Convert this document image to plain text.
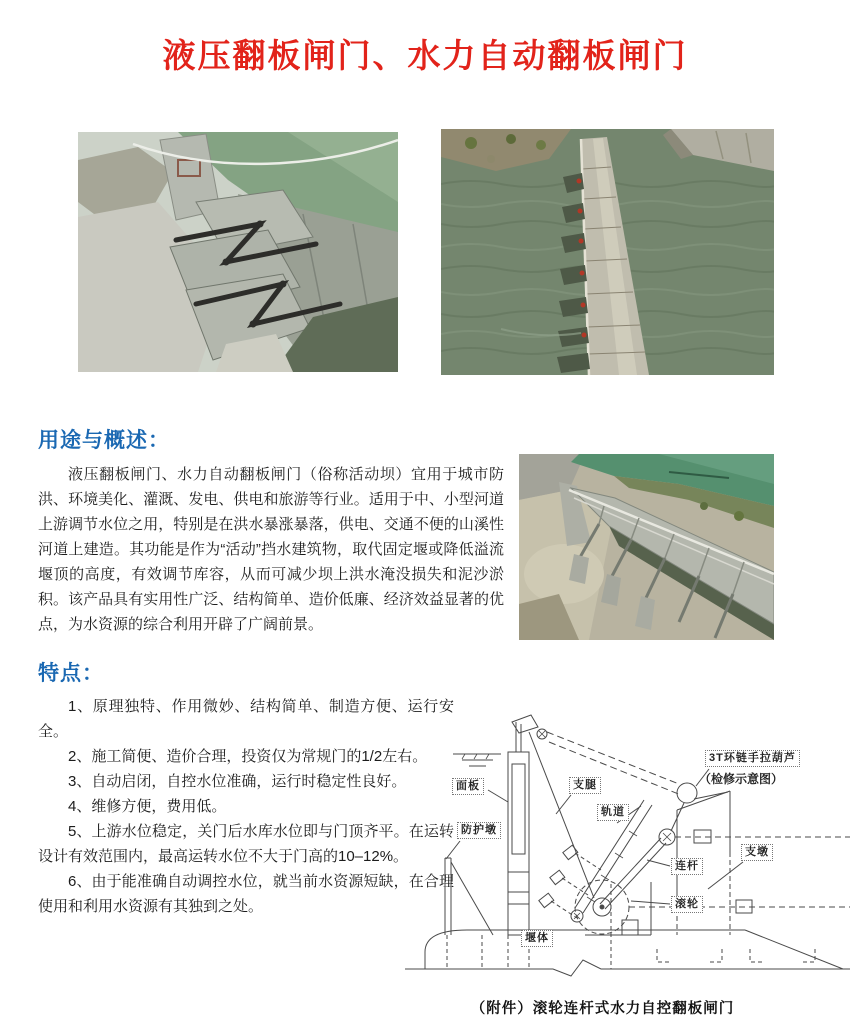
液压翻板闸门、水力自动翻板闸门
用途与概述：

液压翻板闸门、水力自动翻板闸门（俗称活动坝）宜用于城市防洪、环境美化、灌溉、发电、供电和旅游等行业。适用于中、小型河道上游调节水位之用，特别是在洪水暴涨暴落，供电、交通不便的山溪性河道上建造。其功能是作为“活动”挡水建筑物，取代固定堰或降低溢流堰顶的高度，有效调节库容，从而可减少坝上洪水淹没损失和泥沙淤积。该产品具有实用性广泛、结构简单、造价低廉、经济效益显著的优点，为水资源的综合利用开辟了广阔前景。

特点：

1、原理独特、作用微妙、结构简单、制造方便、运行安全。

2、施工简便、造价合理，投资仅为常规门的1/2左右。

3、自动启闭，自控水位准确，运行时稳定性良好。

4、维修方便，费用低。

5、上游水位稳定，关门后水库水位即与门顶齐平。在运转设计有效范围内，最高运转水位不大于门高的10–12%。

6、由于能准确自动调控水位，就当前水资源短缺，在合理使用和利用水资源有其独到之处。

面板
防护墩
支腿
轨道
3T环链手拉葫芦
（检修示意图）
连杆
支墩
滚轮
堰体
（附件）滚轮连杆式水力自控翻板闸门
